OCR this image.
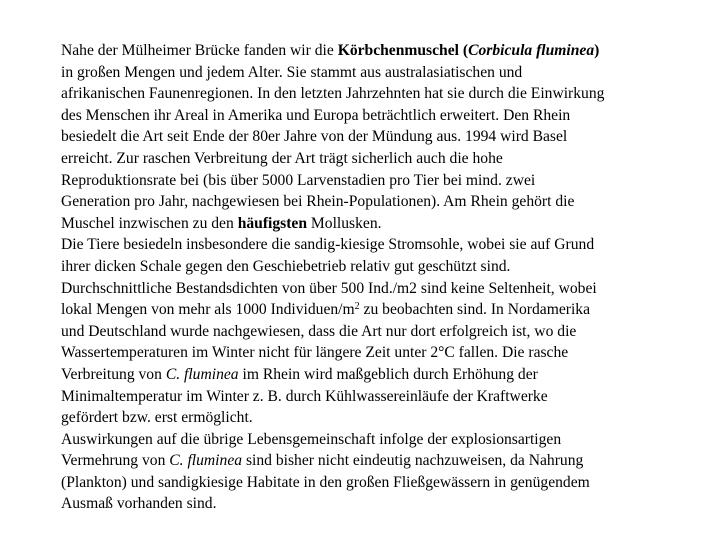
Nahe der Mülheimer Brücke fanden wir die Körbchenmuschel (Corbicula fluminea)
in großen Mengen und jedem Alter. Sie stammt aus australasiatischen und
afrikanischen Faunenregionen. In den letzten Jahrzehnten hat sie durch die Einwirkung
des Menschen ihr Areal in Amerika und Europa beträchtlich erweitert. Den Rhein
besiedelt die Art seit Ende der 80er Jahre von der Mündung aus. 1994 wird Basel
erreicht. Zur raschen Verbreitung der Art trägt sicherlich auch die hohe
Reproduktionsrate bei (bis über 5000 Larvenstadien pro Tier bei mind. zwei
Generation pro Jahr, nachgewiesen bei Rhein-Populationen). Am Rhein gehört die
Muschel inzwischen zu den häufigsten Mollusken.
Die Tiere besiedeln insbesondere die sandig-kiesige Stromsohle, wobei sie auf Grund
ihrer dicken Schale gegen den Geschiebetrieb relativ gut geschützt sind.
Durchschnittliche Bestandsdichten von über 500 Ind./m2 sind keine Seltenheit, wobei
lokal Mengen von mehr als 1000 Individuen/$m^2$ zu beobachten sind. In Nordamerika
und Deutschland wurde nachgewiesen, dass die Art nur dort erfolgreich ist, wo die
Wassertemperaturen im Winter nicht für längere Zeit unter 2°C fallen. Die rasche
Verbreitung von C. fluminea im Rhein wird maßgeblich durch Erhöhung der
Minimaltemperatur im Winter z. B. durch Kühlwassereinläufe der Kraftwerke
gefördert bzw. erst ermöglicht.
Auswirkungen auf die übrige Lebensgemeinschaft infolge der explosionsartigen
Vermehrung von C. fluminea sind bisher nicht eindeutig nachzuweisen, da Nahrung
(Plankton) und sandigkiesige Habitate in den großen Fließgewässern in genügendem
Ausmaß vorhanden sind.
